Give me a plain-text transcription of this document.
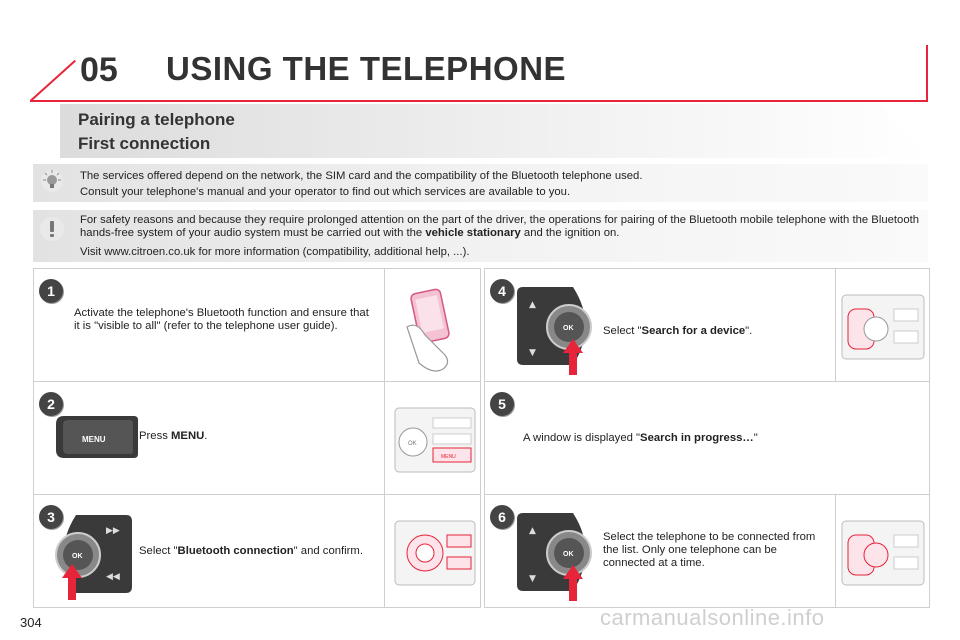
05 USING THE TELEPHONE
Pairing a telephone
First connection

The services offered depend on the network, the SIM card and the compatibility of the Bluetooth telephone used.

Consult your telephone's manual and your operator to find out which services are available to you.

For safety reasons and because they require prolonged attention on the part of the driver, the operations for pairing of the Bluetooth mobile telephone with the Bluetooth hands-free system of your audio system must be carried out with the vehicle stationary and the ignition on.

Visit www.citroen.co.uk for more information (compatibility, additional help, ...).

1
Activate the telephone's Bluetooth function and ensure that it is "visible to all" (refer to the telephone user guide).
2
MENU	Press MENU.
OK
MENU
3
▶▶
◀◀
OK	Select "Bluetooth connection" and confirm.
4
▲
▼
OK	Select "Search for a device".
5
A window is displayed "Search in progress…"
6
▲
▼
OK
Select the telephone to be connected from the list. Only one telephone can be connected at a time.
304	carmanualsonline.info
